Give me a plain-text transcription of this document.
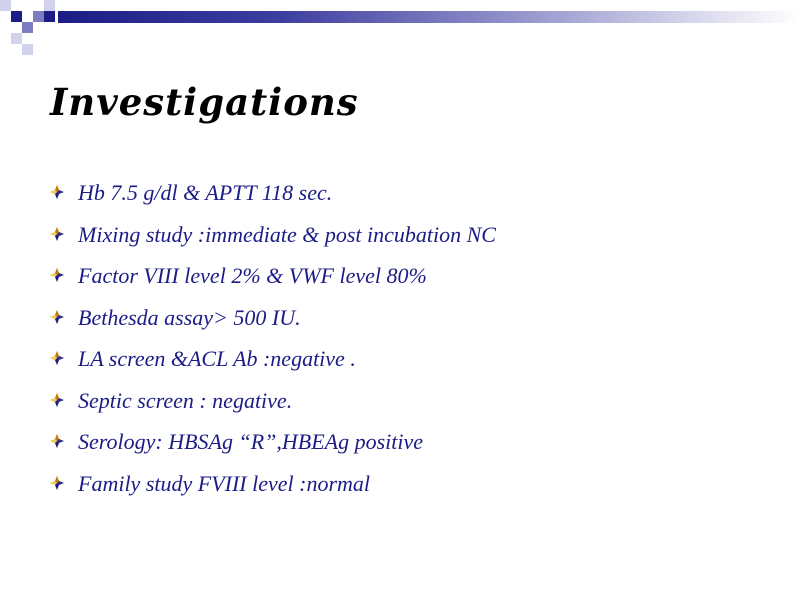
Investigations
Hb 7.5 g/dl & APTT 118 sec.
Mixing study :immediate & post incubation NC
Factor VIII level 2% & VWF level 80%
Bethesda assay> 500 IU.
LA screen &ACL Ab :negative .
Septic screen : negative.
Serology: HBSAg “R”,HBEAg positive
Family study FVIII level :normal
